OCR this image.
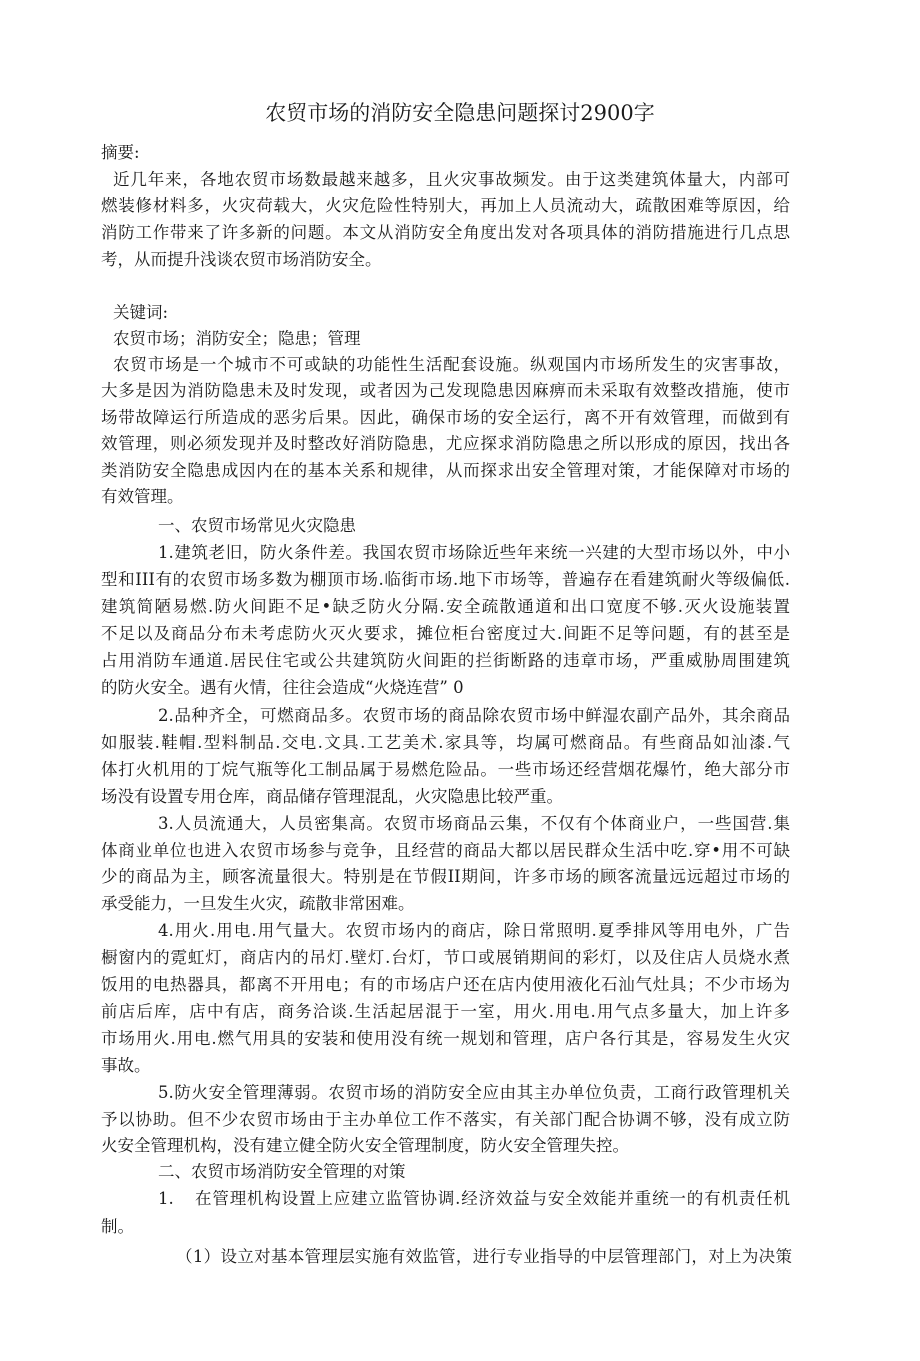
农贸市场的消防安全隐患问题探讨2900字
摘要:
近几年来，各地农贸市场数最越来越多，且火灾事故频发。由于这类建筑体量大，内部可
燃装修材料多，火灾荷载大，火灾危险性特别大，再加上人员流动大，疏散困难等原因，给
消防工作带来了许多新的问题。本文从消防安全角度出发对各项具体的消防措施进行几点思
考，从而提升浅谈农贸市场消防安全。
关键词:
农贸市场；消防安全；隐患；管理
农贸市场是一个城市不可或缺的功能性生活配套设施。纵观国内市场所发生的灾害事故，
大多是因为消防隐患未及时发现，或者因为己发现隐患因麻痹而未采取有效整改措施，使市
场带故障运行所造成的恶劣后果。因此，确保市场的安全运行，离不开有效管理，而做到有
效管理，则必须发现并及时整改好消防隐患，尤应探求消防隐患之所以形成的原因，找出各
类消防安全隐患成因内在的基本关系和规律，从而探求出安全管理对策，才能保障对市场的
有效管理。
一、农贸市场常见火灾隐患
1.建筑老旧，防火条件差。我国农贸市场除近些年来统一兴建的大型市场以外，中小
型和III有的农贸市场多数为棚顶市场.临街市场.地下市场等，普遍存在看建筑耐火等级偏低.
建筑简陋易燃.防火间距不足•缺乏防火分隔.安全疏散通道和出口宽度不够.灭火设施装置
不足以及商品分布未考虑防火灭火要求，摊位柜台密度过大.间距不足等问题，有的甚至是
占用消防车通道.居民住宅或公共建筑防火间距的拦街断路的违章市场，严重威胁周围建筑
的防火安全。遇有火情，往往会造成“火烧连营” 0
2.品种齐全，可燃商品多。农贸市场的商品除农贸市场中鲜湿农副产品外，其余商品
如服装.鞋帽.型料制品.交电.文具.工艺美术.家具等，均属可燃商品。有些商品如汕漆.气
体打火机用的丁烷气瓶等化工制品属于易燃危险品。一些市场还经营烟花爆竹，绝大部分市
场没有设置专用仓库，商品储存管理混乱，火灾隐患比较严重。
3.人员流通大，人员密集高。农贸市场商品云集，不仅有个体商业户，一些国营.集
体商业单位也进入农贸市场参与竞争，且经营的商品大都以居民群众生活中吃.穿•用不可缺
少的商品为主，顾客流量很大。特别是在节假II期间，许多市场的顾客流量远远超过市场的
承受能力，一旦发生火灾，疏散非常困难。
4.用火.用电.用气量大。农贸市场内的商店，除日常照明.夏季排风等用电外，广告
橱窗内的霓虹灯，商店内的吊灯.壁灯.台灯，节口或展销期间的彩灯，以及住店人员烧水煮
饭用的电热器具，都离不开用电；有的市场店户还在店内使用液化石汕气灶具；不少市场为
前店后库，店中有店，商务洽谈.生活起居混于一室，用火.用电.用气点多量大，加上许多
市场用火.用电.燃气用具的安装和使用没有统一规划和管理，店户各行其是，容易发生火灾
事故。
5.防火安全管理薄弱。农贸市场的消防安全应由其主办单位负责，工商行政管理机关
予以协助。但不少农贸市场由于主办单位工作不落实，有关部门配合协调不够，没有成立防
火安全管理机构，没有建立健全防火安全管理制度，防火安全管理失控。
二、农贸市场消防安全管理的对策
1. 在管理机构设置上应建立监管协调.经济效益与安全效能并重统一的有机责任机
制。
（1）设立对基本管理层实施有效监管，进行专业指导的中层管理部门，对上为决策
